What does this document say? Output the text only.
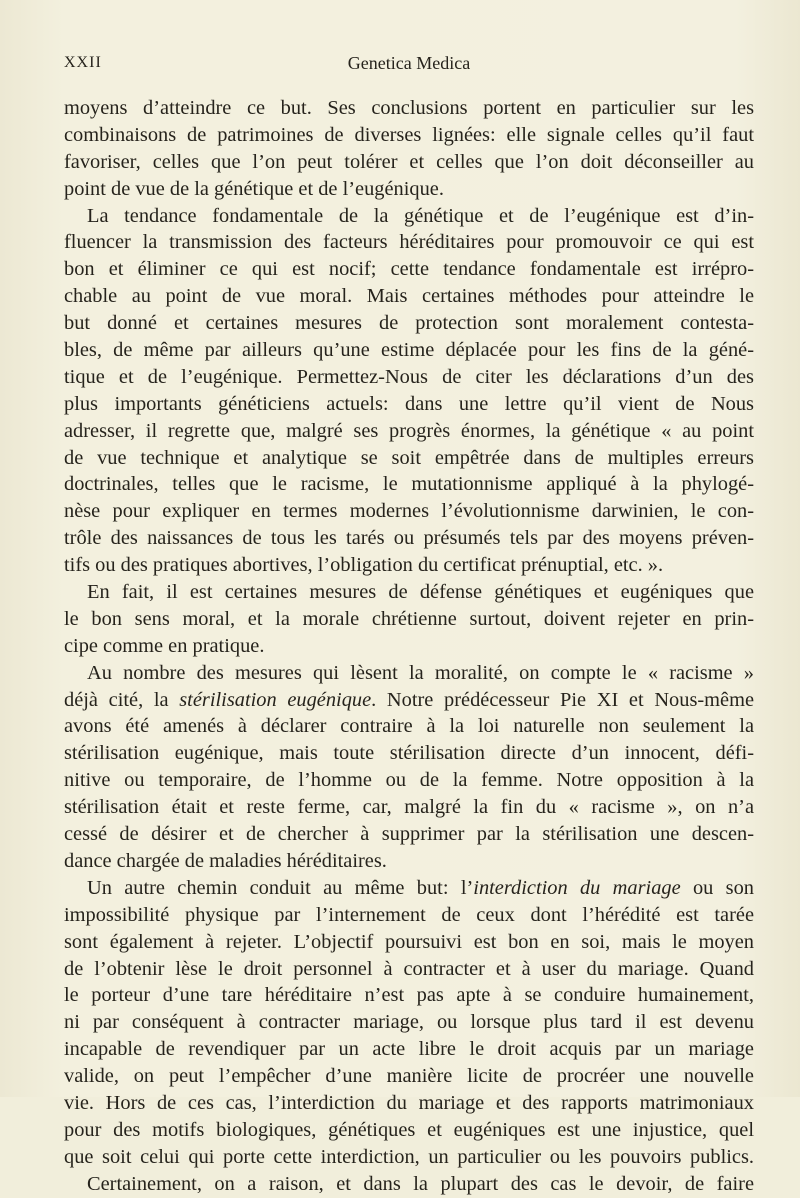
XXII	Genetica Medica
moyens d’atteindre ce but. Ses conclusions portent en particulier sur les
combinaisons de patrimoines de diverses lignées: elle signale celles qu’il faut
favoriser, celles que l’on peut tolérer et celles que l’on doit déconseiller au
point de vue de la génétique et de l’eugénique.
La tendance fondamentale de la génétique et de l’eugénique est d’in-
fluencer la transmission des facteurs héréditaires pour promouvoir ce qui est
bon et éliminer ce qui est nocif; cette tendance fondamentale est irrépro-
chable au point de vue moral. Mais certaines méthodes pour atteindre le
but donné et certaines mesures de protection sont moralement contesta-
bles, de même par ailleurs qu’une estime déplacée pour les fins de la géné-
tique et de l’eugénique. Permettez-Nous de citer les déclarations d’un des
plus importants généticiens actuels: dans une lettre qu’il vient de Nous
adresser, il regrette que, malgré ses progrès énormes, la génétique « au point
de vue technique et analytique se soit empêtrée dans de multiples erreurs
doctrinales, telles que le racisme, le mutationnisme appliqué à la phylogé-
nèse pour expliquer en termes modernes l’évolutionnisme darwinien, le con-
trôle des naissances de tous les tarés ou présumés tels par des moyens préven-
tifs ou des pratiques abortives, l’obligation du certificat prénuptial, etc. ».
En fait, il est certaines mesures de défense génétiques et eugéniques que
le bon sens moral, et la morale chrétienne surtout, doivent rejeter en prin-
cipe comme en pratique.
Au nombre des mesures qui lèsent la moralité, on compte le « racisme »
déjà cité, la stérilisation eugénique. Notre prédécesseur Pie XI et Nous-même
avons été amenés à déclarer contraire à la loi naturelle non seulement la
stérilisation eugénique, mais toute stérilisation directe d’un innocent, défi-
nitive ou temporaire, de l’homme ou de la femme. Notre opposition à la
stérilisation était et reste ferme, car, malgré la fin du « racisme », on n’a
cessé de désirer et de chercher à supprimer par la stérilisation une descen-
dance chargée de maladies héréditaires.
Un autre chemin conduit au même but: l’interdiction du mariage ou son
impossibilité physique par l’internement de ceux dont l’hérédité est tarée
sont également à rejeter. L’objectif poursuivi est bon en soi, mais le moyen
de l’obtenir lèse le droit personnel à contracter et à user du mariage. Quand
le porteur d’une tare héréditaire n’est pas apte à se conduire humainement,
ni par conséquent à contracter mariage, ou lorsque plus tard il est devenu
incapable de revendiquer par un acte libre le droit acquis par un mariage
valide, on peut l’empêcher d’une manière licite de procréer une nouvelle
vie. Hors de ces cas, l’interdiction du mariage et des rapports matrimoniaux
pour des motifs biologiques, génétiques et eugéniques est une injustice, quel
que soit celui qui porte cette interdiction, un particulier ou les pouvoirs publics.
Certainement, on a raison, et dans la plupart des cas le devoir, de faire
